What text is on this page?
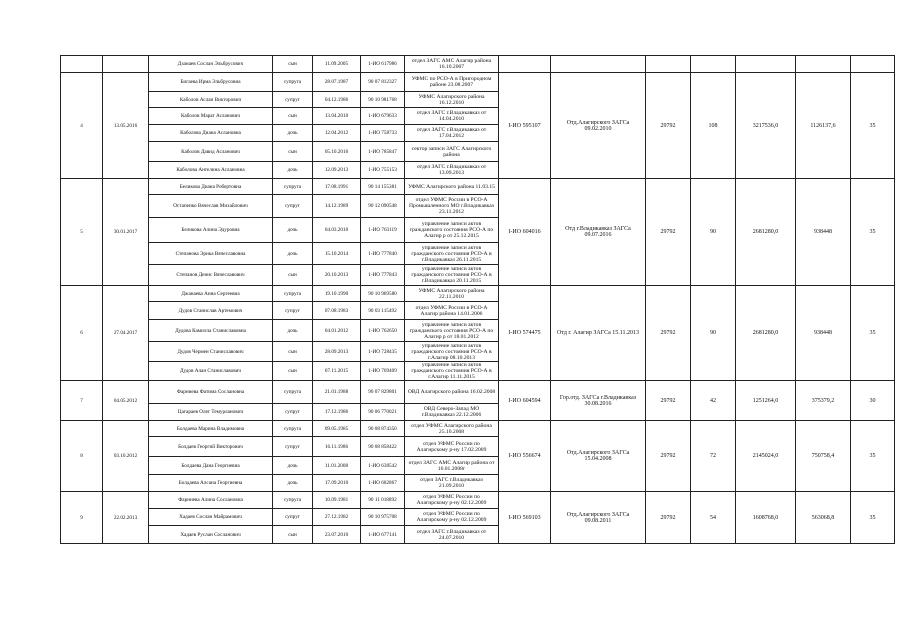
		Дзанаев Сослан Эльбрусович	сын	11.09.2005	1-ИО 617986	отдел ЗАГС АМС Алагир района 16.10.2007							
4	13.05.2016	Бигаева Ирма Эльбрусовна	супруга	28.07.1987	90 07 812327	УФМС по РСО-А в Пригородном районе 23.08.2007	I-ИО 595107	Отд.Алагирского ЗАГСа 09.02.2010	29792	108	3217536,0	1126137,6	35
		Каболов Аслан Викторович	супруг	04.12.1986	90 10 981768	УФМС Алагирского района 16.12.2010							
		Каболов Марат Асланович	сын	13.04.2010	1-ИО 679633	отдел ЗАГС г.Владикавказ от 14.04.2010							
		Каболова Диана Аслановна	дочь	12.04.2012	1-ИО 758733	отдел ЗАГС г.Владикавказ от 17.04.2012							
		Каболов Давид Асланович	сын	05.10.2016	1-ИО 785847	сектор записи ЗАГС Алагирского района							
		Каболова Ангелина Аслановна	дочь	12.09.2013	1-ИО 755153	отдел ЗАГС г.Владикавказ от 13.09.2013							
5	30.01.2017	Беликова Диана Робертовна	супруга	17.08.1991	90 14 155381	УФМС Алагирского района 11.03.15	I-ИО 604016	Отд г.Владикавказ ЗАГСа 09.07.2016	29792	90	2681280,0	938448	35
		Остапенко Вячеслав Михайлович	супруг	14.12.1989	90 12 090548	отдел УФМС России в РСО-А Промышленного МО г.Владикавказ 23.11.2012							
		Беликова Алина Эдуровна	дочь	04.03.2010	1-ИО 763119	управление записи актов гражданского состояния РСО-А по Алагир р от 25.12.2015							
		Степанова Эрика Вячеславовна	дочь	15.10.2014	1-ИО 777840	управление записи актов гражданского состояния РСО-А в г.Владикавказ 26.11.2015							
		Степанов Денис Вячеславович	сын	20.10.2013	1-ИО 777843	управление записи актов гражданского состояния РСО-А в г.Владикавказ 20.11.2015							
6	27.04.2017	Джанаева Анна Сергеевна	супруга	19.10.1990	90 10 969580	УФМС Алагирского района 22.11.2010	I-ИО 574475	Отд г. Алагир ЗАГСа 15.11.2013	29792	90	2681280,0	938448	35
		Дудов Станислав Артемович	супруг	07.08.1983	90 03 115492	отдел УФМС России в РСО-А Алагир района 14.01.2006							
		Дудова Камилла Станиславовна	дочь	04.01.2012	1-ИО 762650	управление записи актов гражданского состояния РСО-А по Алагир р от 18.01.2012							
		Дудов Чермен Станиславович	сын	28.09.2013	1-ИО 728435	управление записи актов гражданского состояния РСО-А в г.Алагир 08.10.2013							
		Дудов Алан Станиславович	сын	07.11.2015	1-ИО 769409	управление записи актов гражданского состояния РСО-А в г.Алагир 11.11.2015							
7	04.05.2012	Фарниева Фатима Сослановна	супруга	21.01.1988	90 07 829801	ОВД Алагирского района 16.02.2008	I-ИО 604594	Гор.отд. ЗАГСа г.Владикавказ 30.08.2016	29792	42	1251264,0	375379,2	30
		Цагараев Олег Темурланович	супруг	17.12.1986	90 06 770021	ОВД Северо-Запад МО г.Владикавказ 22.12.2006							
8	03.10.2012	Болдаева Марина Владимовна	супруга	09.05.1985	90 08 874350	отдел УФМС Алагирского района 25.10.2008	I-ИО 556674	Отд.Алагирского ЗАГСа 15.04.2008	29792	72	2145024,0	750758,4	35
		Болдаев Георгий Викторович	супруг	16.11.1986	90 08 858422	отдел УФМС России по Алагирскому р-ну 17.02.2009							
		Болдаева Дана Георгиевна	дочь	11.01.2008	1-ИО 638542	отдел ЗАГС АМС Алагир района от 16.01.2008г							
		Болдаева Алсана Георгиевна	дочь	17.09.2010	1-ИО 682867	отдел ЗАГС г.Владикавказ 21.09.2010							
9	22.02.2013	Фарниева Алина Сослановна	супруга	10.09.1981	90 11 018892	отдел УФМС России по Алагирскому р-ну 02.12.2009	I-ИО 569103	Отд.Алагирского ЗАГСа 09.08.2011	29792	54	1608768,0	563068,8	35
		Хадаев Сослан Майрамович	супруг	27.12.1982	90 10 975708	отдел УФМС России по Алагирскому р-ну 02.12.2009							
		Хадаев Руслан Сосланович	сын	23.07.2010	1-ИО 677141	отдел ЗАГС г.Владикавказ от 24.07.2010							
